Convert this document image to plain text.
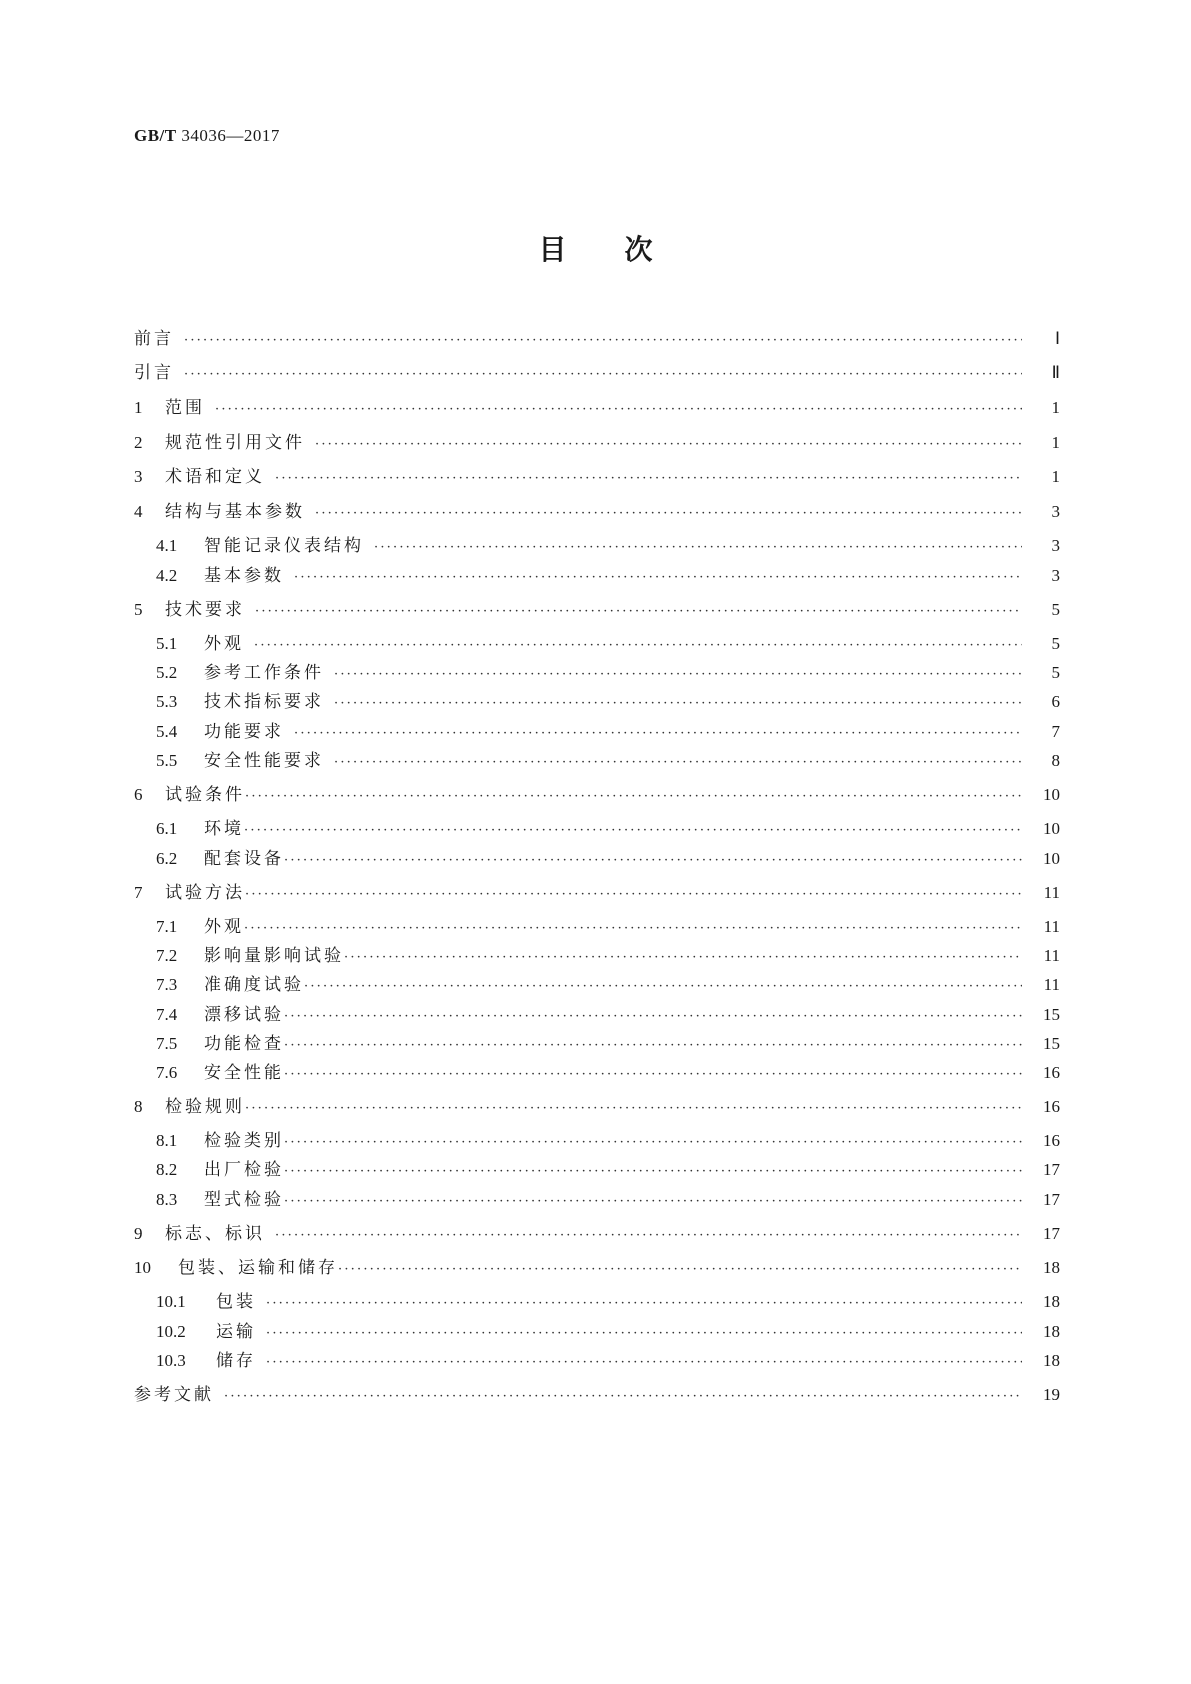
GB/T 34036—2017
目次
前言 ·····	Ⅰ
引言 ·····	Ⅱ
1	范围 ·····	1
2	规范性引用文件 ·····	1
3	术语和定义 ·····	1
4	结构与基本参数 ·····	3
4.1	智能记录仪表结构 ·····	3
4.2	基本参数 ·····	3
5	技术要求 ·····	5
5.1	外观 ·····	5
5.2	参考工作条件 ·····	5
5.3	技术指标要求 ·····	6
5.4	功能要求 ·····	7
5.5	安全性能要求 ·····	8
6	试验条件 ·····	10
6.1	环境 ·····	10
6.2	配套设备 ·····	10
7	试验方法 ·····	11
7.1	外观 ·····	11
7.2	影响量影响试验 ·····	11
7.3	准确度试验 ·····	11
7.4	漂移试验 ·····	15
7.5	功能检查 ·····	15
7.6	安全性能 ·····	16
8	检验规则 ·····	16
8.1	检验类别 ·····	16
8.2	出厂检验 ·····	17
8.3	型式检验 ·····	17
9	标志、标识 ·····	17
10	包装、运输和储存 ·····	18
10.1	包装 ·····	18
10.2	运输 ·····	18
10.3	储存 ·····	18
参考文献 ·····	19
